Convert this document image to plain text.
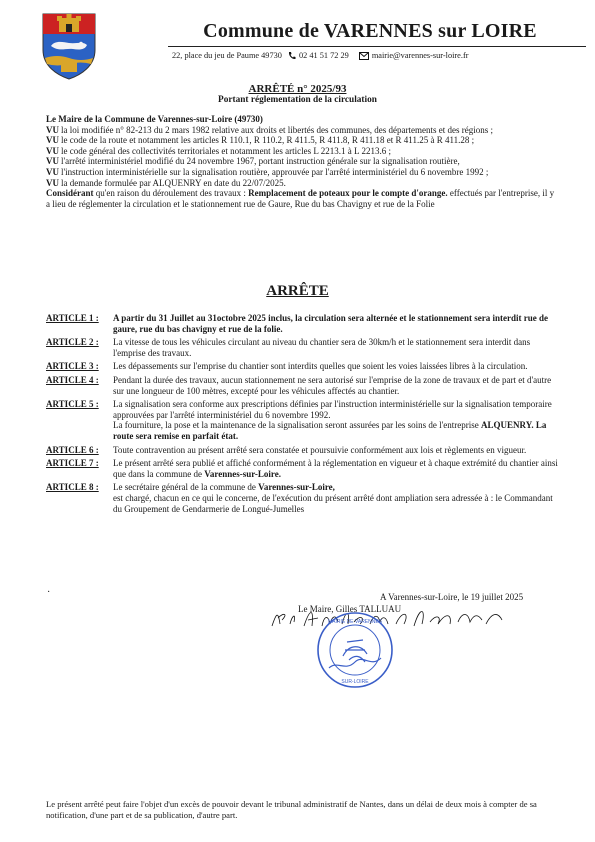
Commune de VARENNES sur LOIRE
22, place du jeu de Paume 49730 02 41 51 72 29	mairie@varennes-sur-loire.fr
ARRÊTÉ n° 2025/93
Portant réglementation de la circulation

Le Maire de la Commune de Varennes-sur-Loire (49730)

VU la loi modifiée n° 82-213 du 2 mars 1982 relative aux droits et libertés des communes, des départements et des régions ;
VU le code de la route et notamment les articles R 110.1, R 110.2, R 411.5, R 411.8, R 411.18 et R 411.25 à R 411.28 ;
VU le code général des collectivités territoriales et notamment les articles L 2213.1 à L 2213.6 ;
VU l'arrêté interministériel modifié du 24 novembre 1967, portant instruction générale sur la signalisation routière,
VU l'instruction interministérielle sur la signalisation routière, approuvée par l'arrêté interministériel du 6 novembre 1992 ;
VU la demande formulée par ALQUENRY en date du 22/07/2025.

Considérant qu'en raison du déroulement des travaux : Remplacement de poteaux pour le compte d'orange. effectués par l'entreprise, il y a lieu de réglementer la circulation et le stationnement rue de Gaure, Rue du bas Chavigny et rue de la Folie

ARRÊTE
ARTICLE 1 :	A partir du 31 Juillet au 31octobre 2025 inclus, la circulation sera alternée et le stationnement sera interdit rue de gaure, rue du bas chavigny et rue de la folie.

ARTICLE 2 :	La vitesse de tous les véhicules circulant au niveau du chantier sera de 30km/h et le stationnement sera interdit dans l'emprise des travaux.

ARTICLE 3 :	Les dépassements sur l'emprise du chantier sont interdits quelles que soient les voies laissées libres à la circulation.

ARTICLE 4 :	Pendant la durée des travaux, aucun stationnement ne sera autorisé sur l'emprise de la zone de travaux et de part et d'autre sur une longueur de 100 mètres, excepté pour les véhicules affectés au chantier.

ARTICLE 5 :	La signalisation sera conforme aux prescriptions définies par l'instruction interministérielle sur la signalisation temporaire approuvées par l'arrêté interministériel du 6 novembre 1992.

La fourniture, la pose et la maintenance de la signalisation seront assurées par les soins de l'entreprise ALQUENRY. La route sera remise en parfait état.

ARTICLE 6 :	Toute contravention au présent arrêté sera constatée et poursuivie conformément aux lois et règlements en vigueur.

ARTICLE 7 :	Le présent arrêté sera publié et affiché conformément à la réglementation en vigueur et à chaque extrémité du chantier ainsi que dans la commune de Varennes-sur-Loire.

ARTICLE 8 :	Le secrétaire général de la commune de Varennes-sur-Loire,

est chargé, chacun en ce qui le concerne, de l'exécution du présent arrêté dont ampliation sera adressée à : le Commandant du Groupement de Gendarmerie de Longué-Jumelles

·	A Varennes-sur-Loire, le 19 juillet 2025
Le Maire, Gilles TALLUAU
MAIRIE DE VARENNES
SUR-LOIRE
Le présent arrêté peut faire l'objet d'un excès de pouvoir devant le tribunal administratif de Nantes, dans un délai de deux mois à compter de sa notification, d'une part et de sa publication, d'autre part.
